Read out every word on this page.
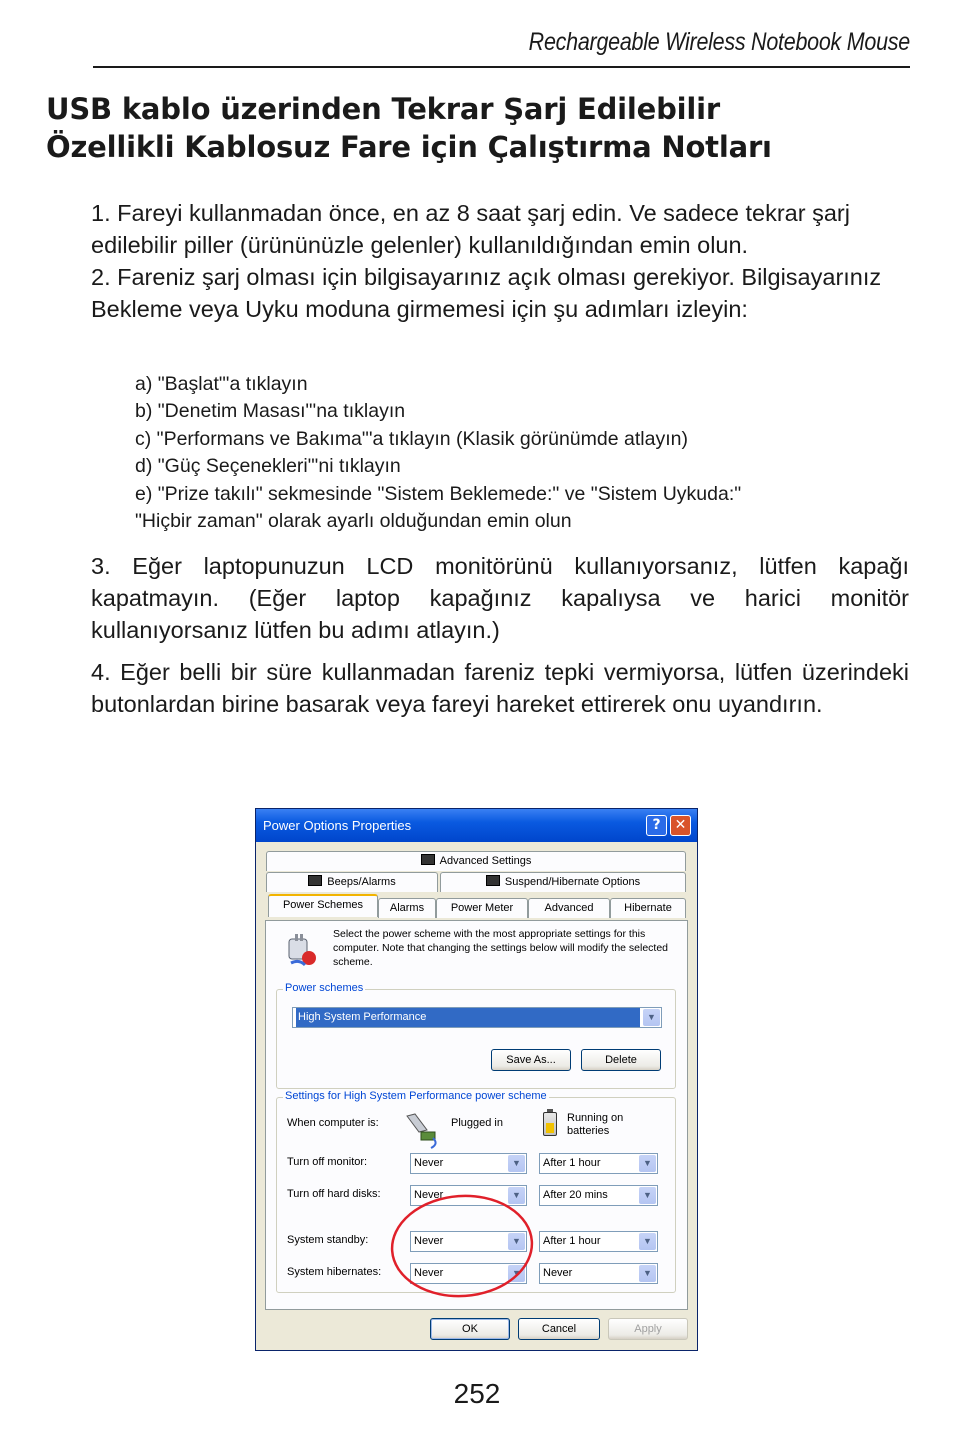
Rechargeable Wireless Notebook Mouse
USB kablo üzerinden Tekrar Şarj Edilebilir
Özellikli Kablosuz Fare için Çalıştırma Notları

1. Fareyi kullanmadan önce, en az 8 saat şarj edin. Ve sadece tekrar şarj edilebilir piller (ürününüzle gelenler) kullanıldığından emin olun.

2. Fareniz şarj olması için bilgisayarınız açık olması gerekiyor. Bilgisayarınız Bekleme veya Uyku moduna girmemesi için şu adımları izleyin:

a) "Başlat"'a tıklayın
b) "Denetim Masası"'na tıklayın
c) "Performans ve Bakıma"'a tıklayın (Klasik görünümde atlayın)
d) "Güç Seçenekleri"'ni tıklayın
e) "Prize takılı" sekmesinde "Sistem Beklemede:" ve "Sistem Uykuda:"
"Hiçbir zaman" olarak ayarlı olduğundan emin olun
3. Eğer laptopunuzun LCD monitörünü kullanıyorsanız, lütfen kapağı kapatmayın. (Eğer laptop kapağınız kapalıysa ve harici monitör kullanıyorsanız lütfen bu adımı atlayın.)
4. Eğer belli bir süre kullanmadan fareniz tepki vermiyorsa, lütfen üzerindeki butonlardan birine basarak veya fareyi hareket ettirerek onu uyandırın.
Power Options Properties	?	✕
Advanced Settings
Beeps/Alarms	Suspend/Hibernate Options
Power Schemes	Alarms	Power Meter	Advanced	Hibernate
Select the power scheme with the most appropriate settings for this computer. Note that changing the settings below will modify the selected scheme.
Power schemes
High System Performance	▼
Save As...	Delete
Settings for High System Performance power scheme
When computer is:	Plugged in	Running on batteries
Turn off monitor:	Never	▼	After 1 hour	▼
Turn off hard disks:	Never	▼	After 20 mins	▼
System standby:	Never	▼	After 1 hour	▼
System hibernates:	Never	▼	Never	▼
OK	Cancel	Apply
252
